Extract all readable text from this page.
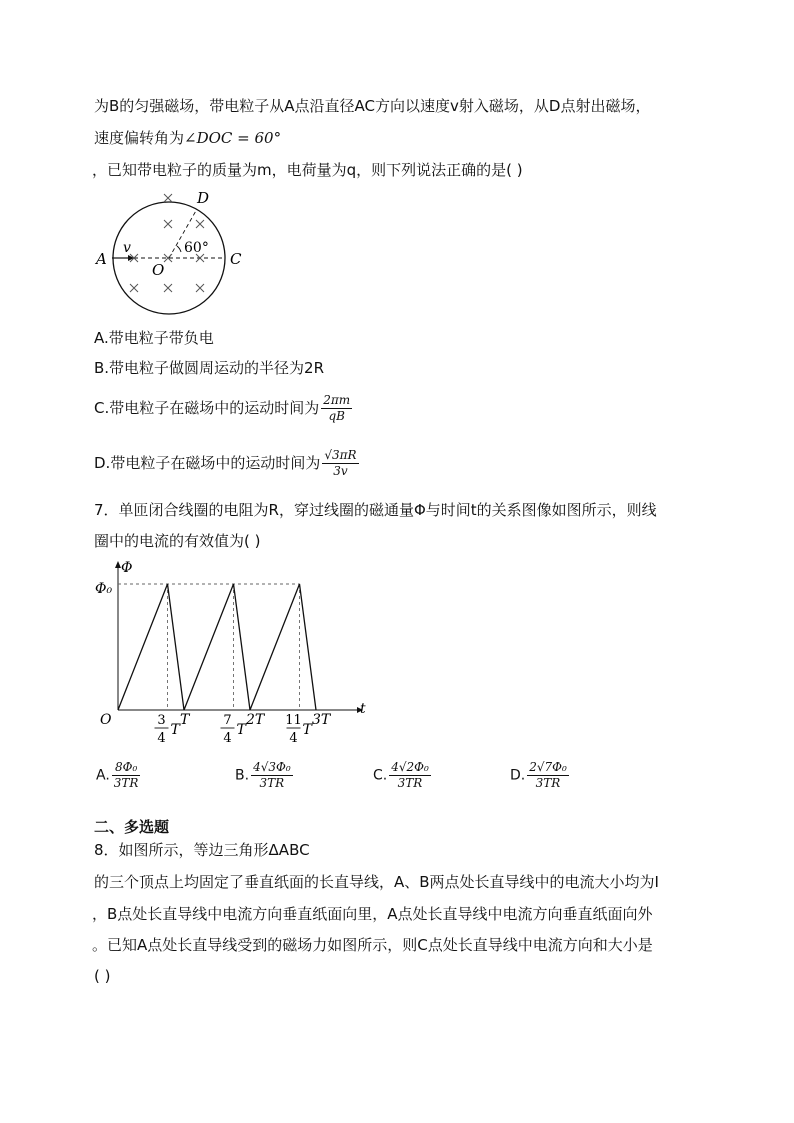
为B的匀强磁场，带电粒子从A点沿直径AC方向以速度v射入磁场，从D点射出磁场，
速度偏转角为∠DOC = 60°
，已知带电粒子的质量为m，电荷量为q，则下列说法正确的是( )
A	C
D
O
v	60°
A.带电粒子带负电
B.带电粒子做圆周运动的半径为2R
C.带电粒子在磁场中的运动时间为 $\frac{2\pi m}{qB}$
D.带电粒子在磁场中的运动时间为 $\frac{√3\pi R}{3v}$
7．单匝闭合线圈的电阻为R，穿过线圈的磁通量Φ与时间t的关系图像如图所示，则线
圈中的电流的有效值为( )
Φ
t
Φ₀
O	3
4
T
T	7
4
T
2T 11
4
T
3T
A. $\frac{\text{8Φ₀}}{3TR}$	B. $\frac{\text{4√3Φ₀}}{3TR}$	C. $\frac{\text{4√2Φ₀}}{3TR}$	D. $\frac{\text{2√7Φ₀}}{3TR}$
二、多选题
8．如图所示，等边三角形ΔABC
的三个顶点上均固定了垂直纸面的长直导线，A、B两点处长直导线中的电流大小均为I
，B点处长直导线中电流方向垂直纸面向里，A点处长直导线中电流方向垂直纸面向外
。已知A点处长直导线受到的磁场力如图所示，则C点处长直导线中电流方向和大小是
( )
